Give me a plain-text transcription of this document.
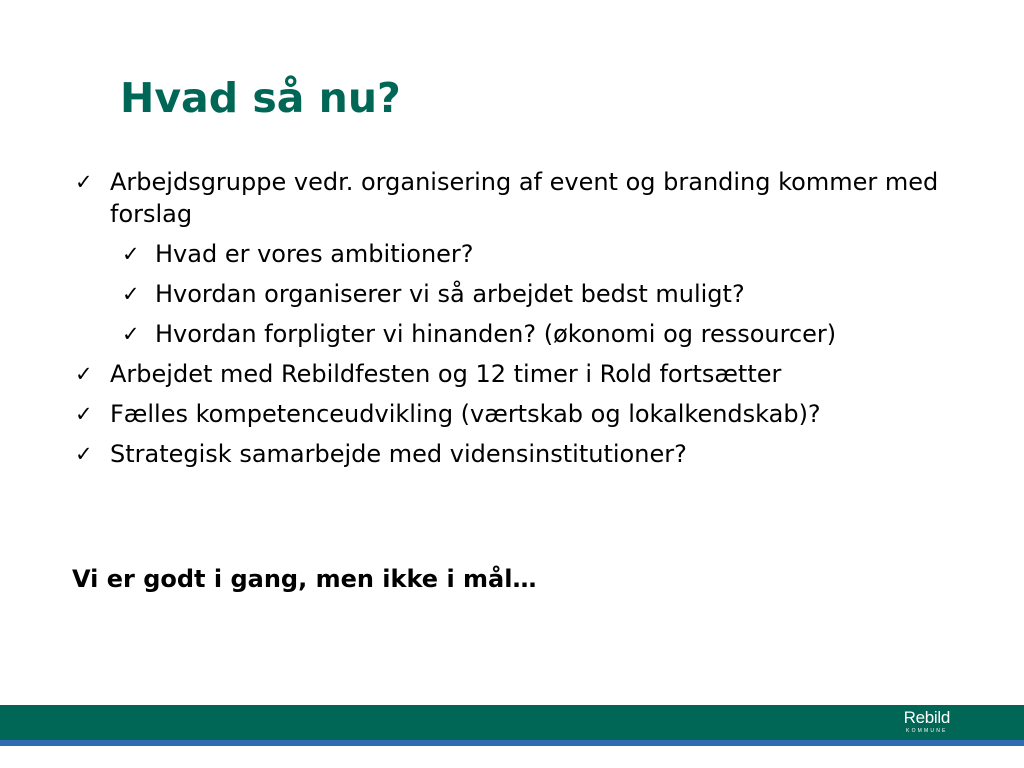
Hvad så nu?
✓ Arbejdsgruppe vedr. organisering af event og branding kommer med forslag
✓ Hvad er vores ambitioner?
✓ Hvordan organiserer vi så arbejdet bedst muligt?
✓ Hvordan forpligter vi hinanden? (økonomi og ressourcer)
✓ Arbejdet med Rebildfesten og 12 timer i Rold fortsætter
✓ Fælles kompetenceudvikling (værtskab og lokalkendskab)?
✓ Strategisk samarbejde med vidensinstitutioner?

Vi er godt i gang, men ikke i mål…

Rebild
KOMMUNE
